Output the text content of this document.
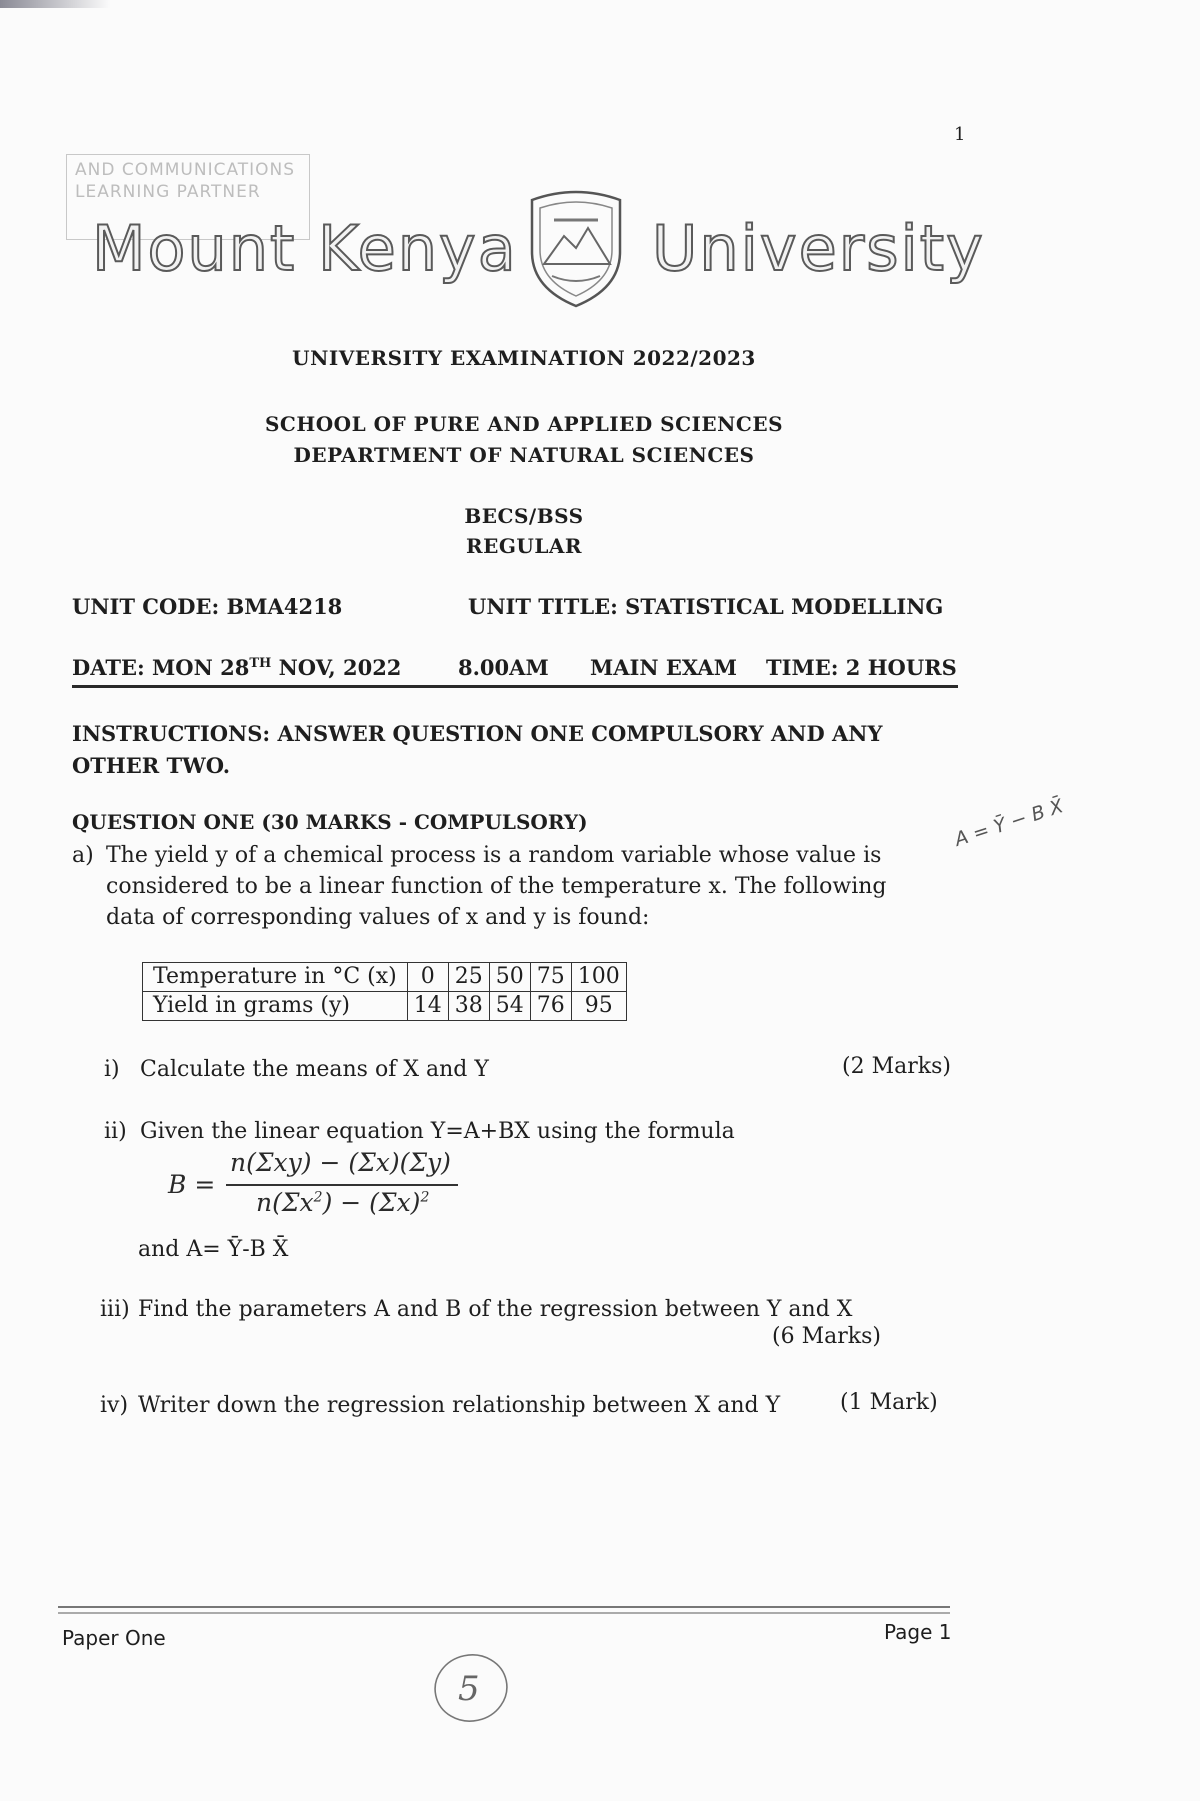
1
AND COMMUNICATIONS LEARNING PARTNER
Mount Kenya University
UNIVERSITY EXAMINATION 2022/2023
SCHOOL OF PURE AND APPLIED SCIENCES
DEPARTMENT OF NATURAL SCIENCES
BECS/BSS
REGULAR
UNIT CODE: BMA4218	UNIT TITLE: STATISTICAL MODELLING
DATE: MON 28TH NOV, 2022	8.00AM MAIN EXAM TIME: 2 HOURS
INSTRUCTIONS: ANSWER QUESTION ONE COMPULSORY AND ANY OTHER TWO.
QUESTION ONE (30 MARKS - COMPULSORY)
a) The yield y of a chemical process is a random variable whose value is considered to be a linear function of the temperature x. The following data of corresponding values of x and y is found:
A = Ȳ − B X̄
Temperature in °C (x)	0	25	50	75	100
Yield in grams (y)	14	38	54	76	95
i) Calculate the means of X and Y	(2 Marks)
ii) Given the linear equation Y=A+BX using the formula
B =
n(Σxy) − (Σx)(Σy)
$n(\Sigma x^2) - (\Sigma x)^2$
and A= Ȳ-B X̄
iii) Find the parameters A and B of the regression between Y and X
(6 Marks)
iv) Writer down the regression relationship between X and Y	(1 Mark)
Paper One	Page 1
5
